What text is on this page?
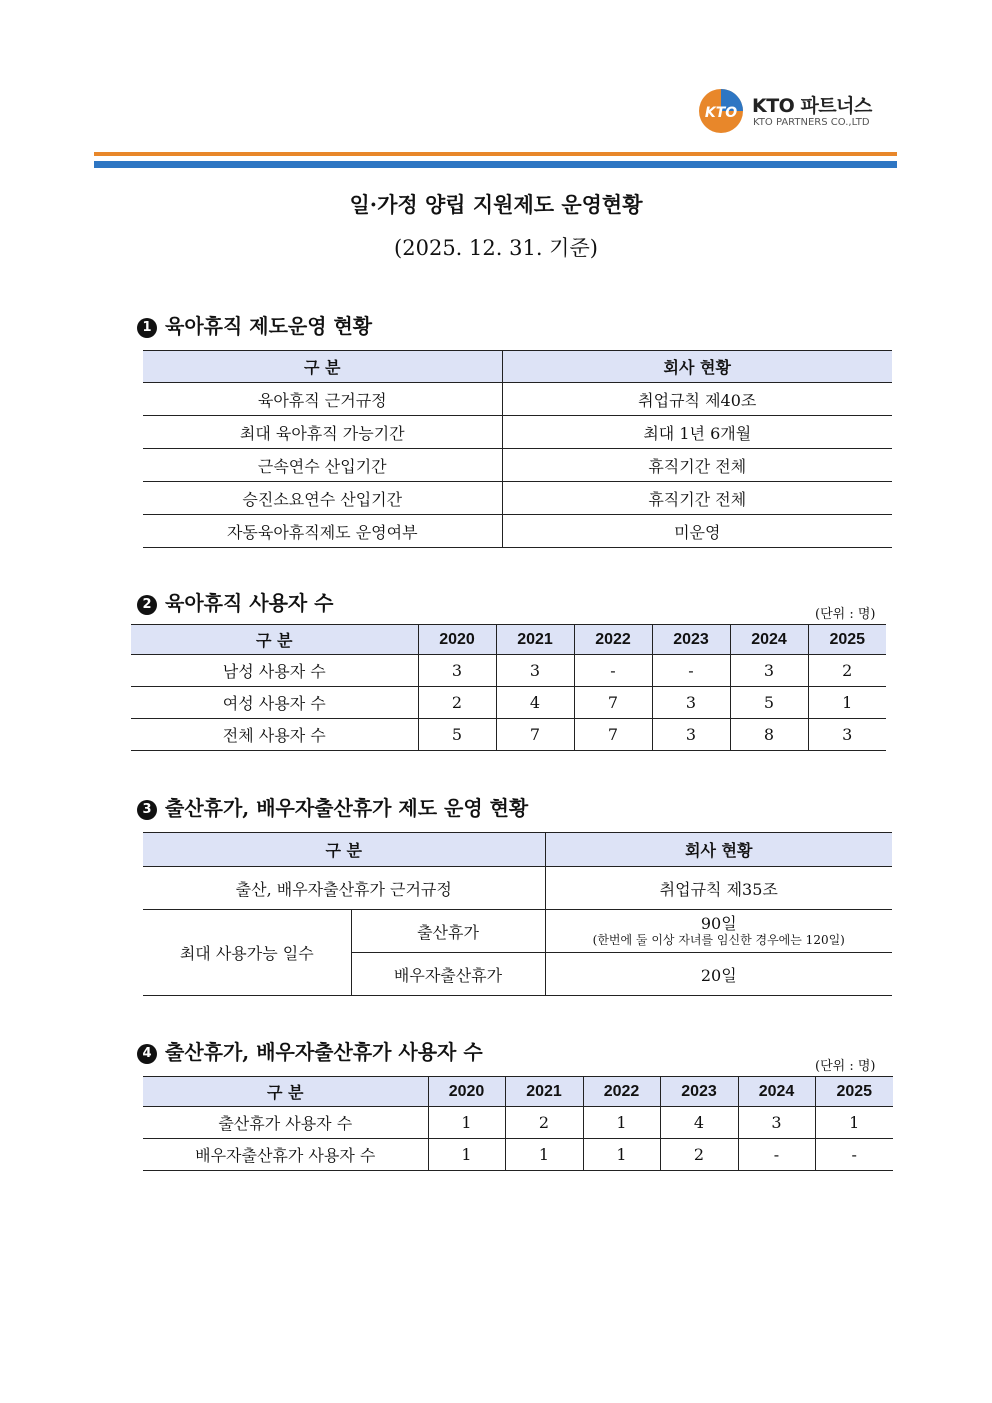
KTO KTO 파트너스
KTO PARTNERS CO.,LTD
일·가정 양립 지원제도 운영현황
(2025. 12. 31. 기준)
1 육아휴직 제도운영 현황
구 분	회사 현황
육아휴직 근거규정	취업규칙 제40조
최대 육아휴직 가능기간	최대 1년 6개월
근속연수 산입기간	휴직기간 전체
승진소요연수 산입기간	휴직기간 전체
자동육아휴직제도 운영여부	미운영
2 육아휴직 사용자 수	(단위 : 명)
구 분	2020	2021	2022	2023	2024	2025
남성 사용자 수	3	3	-	-	3	2
여성 사용자 수	2	4	7	3	5	1
전체 사용자 수	5	7	7	3	8	3
3 출산휴가, 배우자출산휴가 제도 운영 현황
구 분		회사 현황
출산, 배우자출산휴가 근거규정		취업규칙 제35조
최대 사용가능 일수	출산휴가	90일
(한번에 둘 이상 자녀를 임신한 경우에는 120일)

	배우자출산휴가	20일
4 출산휴가, 배우자출산휴가 사용자 수
(단위 : 명)
구 분	2020	2021	2022	2023	2024	2025
출산휴가 사용자 수	1	2	1	4	3	1
배우자출산휴가 사용자 수	1	1	1	2	-	-
